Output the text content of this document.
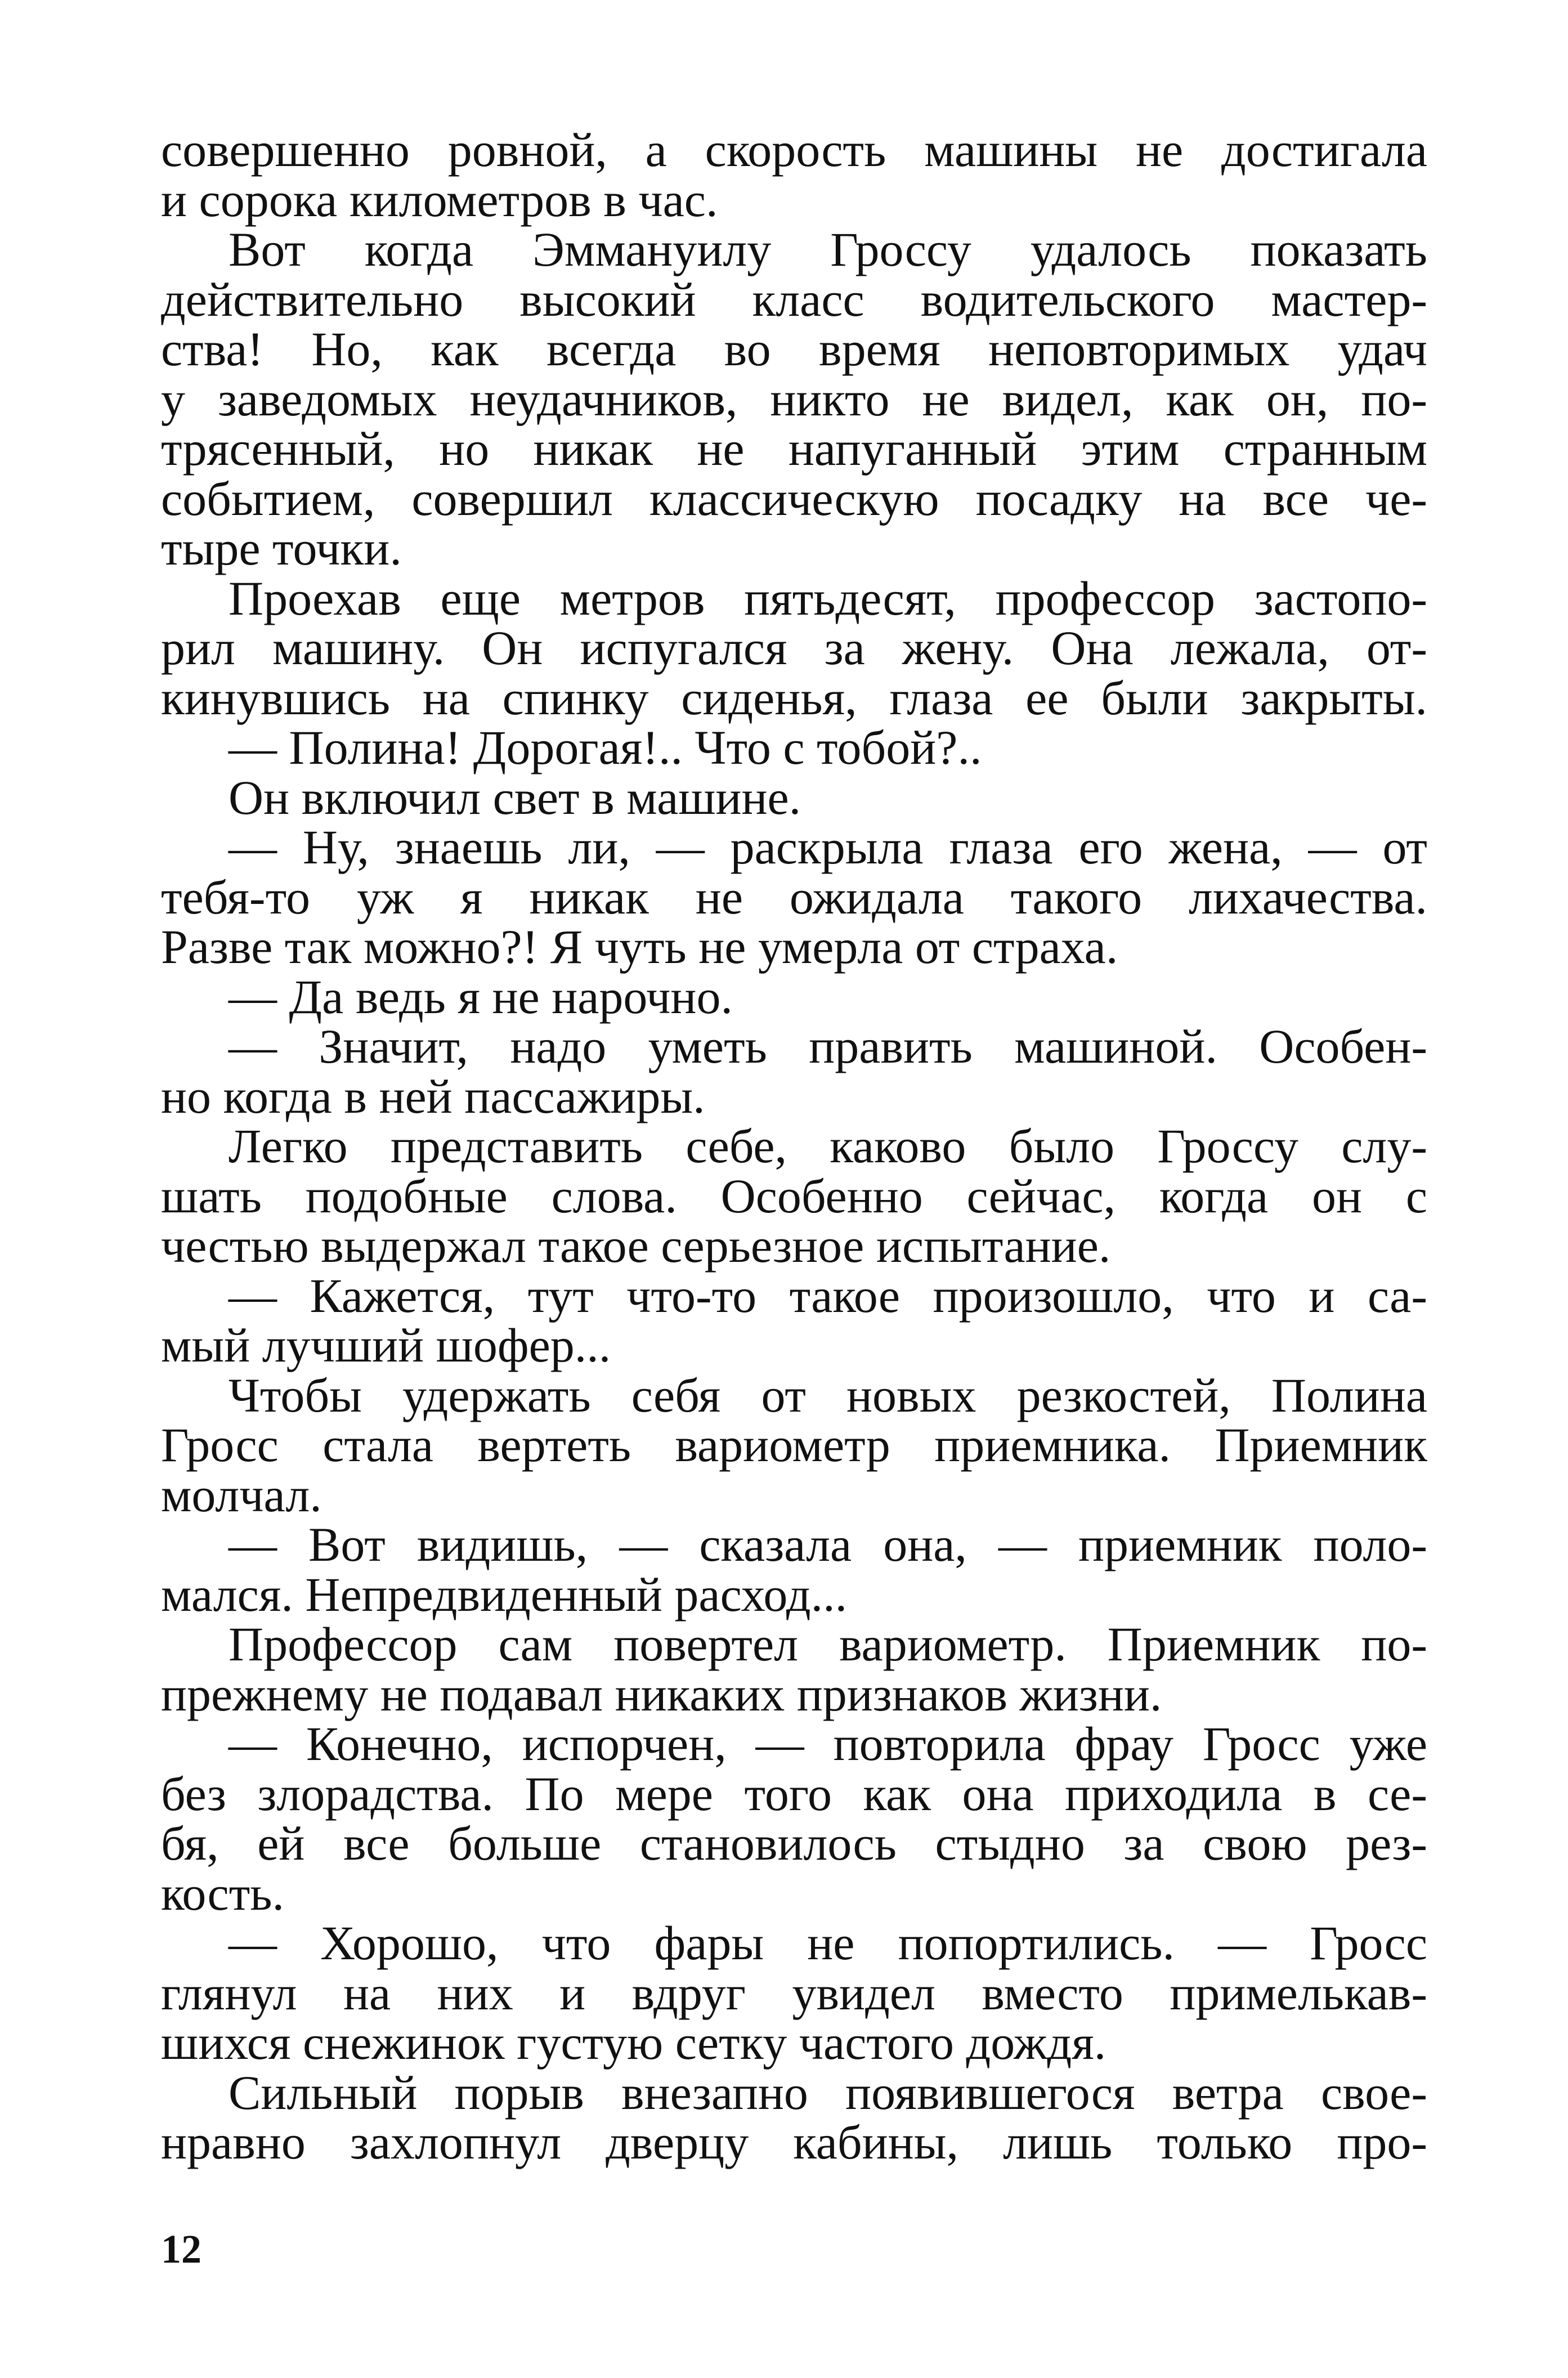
совершенно ровной, а скорость машины не достигала
и сорока километров в час.
Вот когда Эммануилу Гроссу удалось показать
действительно высокий класс водительского мастер-
ства! Но, как всегда во время неповторимых удач
у заведомых неудачников, никто не видел, как он, по-
трясенный, но никак не напуганный этим странным
событием, совершил классическую посадку на все че-
тыре точки.
Проехав еще метров пятьдесят, профессор застопо-
рил машину. Он испугался за жену. Она лежала, от-
кинувшись на спинку сиденья, глаза ее были закрыты.
— Полина! Дорогая!.. Что с тобой?..
Он включил свет в машине.
— Ну, знаешь ли, — раскрыла глаза его жена, — от
тебя-то уж я никак не ожидала такого лихачества.
Разве так можно?! Я чуть не умерла от страха.
— Да ведь я не нарочно.
— Значит, надо уметь править машиной. Особен-
но когда в ней пассажиры.
Легко представить себе, каково было Гроссу слу-
шать подобные слова. Особенно сейчас, когда он с
честью выдержал такое серьезное испытание.
— Кажется, тут что-то такое произошло, что и са-
мый лучший шофер...
Чтобы удержать себя от новых резкостей, Полина
Гросс стала вертеть вариометр приемника. Приемник
молчал.
— Вот видишь, — сказала она, — приемник поло-
мался. Непредвиденный расход...
Профессор сам повертел вариометр. Приемник по-
прежнему не подавал никаких признаков жизни.
— Конечно, испорчен, — повторила фрау Гросс уже
без злорадства. По мере того как она приходила в се-
бя, ей все больше становилось стыдно за свою рез-
кость.
— Хорошо, что фары не попортились. — Гросс
глянул на них и вдруг увидел вместо примелькав-
шихся снежинок густую сетку частого дождя.
Сильный порыв внезапно появившегося ветра свое-
нравно захлопнул дверцу кабины, лишь только про-
12
